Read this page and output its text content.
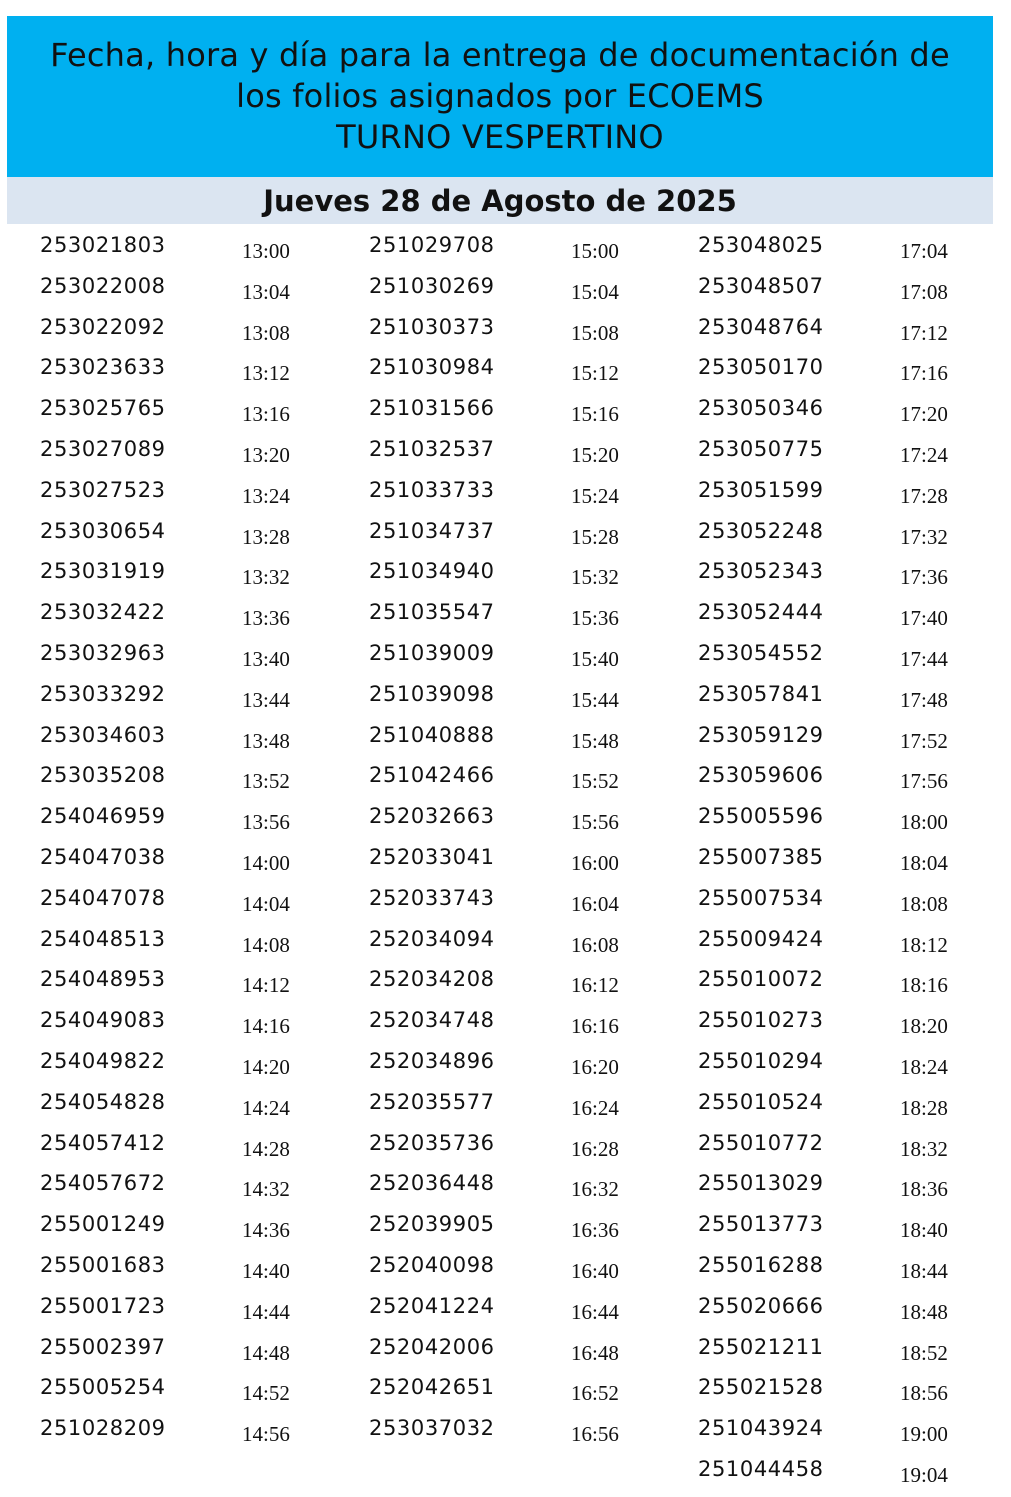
Fecha, hora y día para la entrega de documentación de
los folios asignados por ECOEMS
TURNO VESPERTINO
Jueves 28 de Agosto de 2025
253021803	13:00
253022008	13:04
253022092	13:08
253023633	13:12
253025765	13:16
253027089	13:20
253027523	13:24
253030654	13:28
253031919	13:32
253032422	13:36
253032963	13:40
253033292	13:44
253034603	13:48
253035208	13:52
254046959	13:56
254047038	14:00
254047078	14:04
254048513	14:08
254048953	14:12
254049083	14:16
254049822	14:20
254054828	14:24
254057412	14:28
254057672	14:32
255001249	14:36
255001683	14:40
255001723	14:44
255002397	14:48
255005254	14:52
251028209	14:56
251029708	15:00
251030269	15:04
251030373	15:08
251030984	15:12
251031566	15:16
251032537	15:20
251033733	15:24
251034737	15:28
251034940	15:32
251035547	15:36
251039009	15:40
251039098	15:44
251040888	15:48
251042466	15:52
252032663	15:56
252033041	16:00
252033743	16:04
252034094	16:08
252034208	16:12
252034748	16:16
252034896	16:20
252035577	16:24
252035736	16:28
252036448	16:32
252039905	16:36
252040098	16:40
252041224	16:44
252042006	16:48
252042651	16:52
253037032	16:56
253048025	17:04
253048507	17:08
253048764	17:12
253050170	17:16
253050346	17:20
253050775	17:24
253051599	17:28
253052248	17:32
253052343	17:36
253052444	17:40
253054552	17:44
253057841	17:48
253059129	17:52
253059606	17:56
255005596	18:00
255007385	18:04
255007534	18:08
255009424	18:12
255010072	18:16
255010273	18:20
255010294	18:24
255010524	18:28
255010772	18:32
255013029	18:36
255013773	18:40
255016288	18:44
255020666	18:48
255021211	18:52
255021528	18:56
251043924	19:00
251044458	19:04
